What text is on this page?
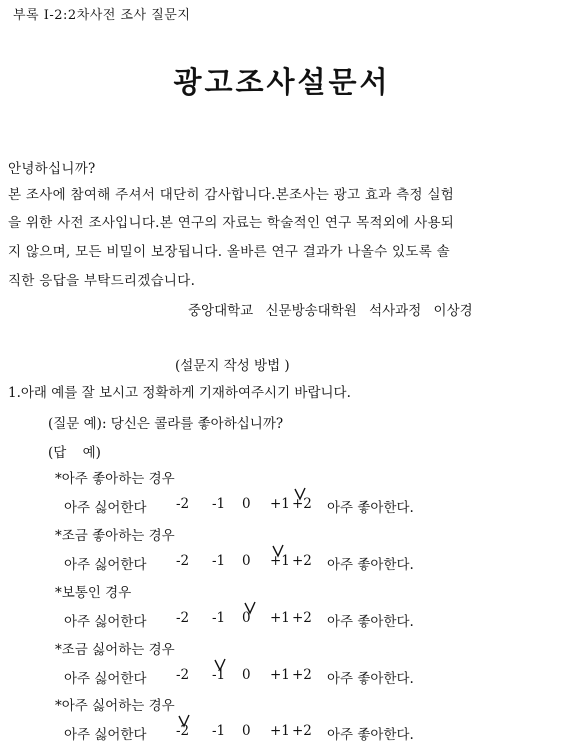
부록 I-2:2차사전 조사 질문지
광고조사설문서
안녕하십니까?
본 조사에 참여해 주셔서 대단히 감사합니다.본조사는 광고 효과 측정 실험
을 위한 사전 조사입니다.본 연구의 자료는 학술적인 연구 목적외에 사용되
지 않으며, 모든 비밀이 보장됩니다. 올바른 연구 결과가 나올수 있도록 솔
직한 응답을 부탁드리겠습니다.
중앙대학교 신문방송대학원 석사과정 이상경
(설문지 작성 방법 )
1.아래 예를 잘 보시고 정확하게 기재하여주시기 바랍니다.
(질문 예): 당신은 콜라를 좋아하십니까?
(답 예)
*아주 좋아하는 경우
아주 싫어한다 -2 -1 0 +1 +2 아주 좋아한다.
*조금 좋아하는 경우
아주 싫어한다 -2 -1 0 +1 +2 아주 좋아한다.
*보통인 경우
아주 싫어한다 -2 -1 0 +1 +2 아주 좋아한다.
*조금 싫어하는 경우
아주 싫어한다 -2 -1 0 +1 +2 아주 좋아한다.
*아주 싫어하는 경우
아주 싫어한다 -2 -1 0 +1 +2 아주 좋아한다.
